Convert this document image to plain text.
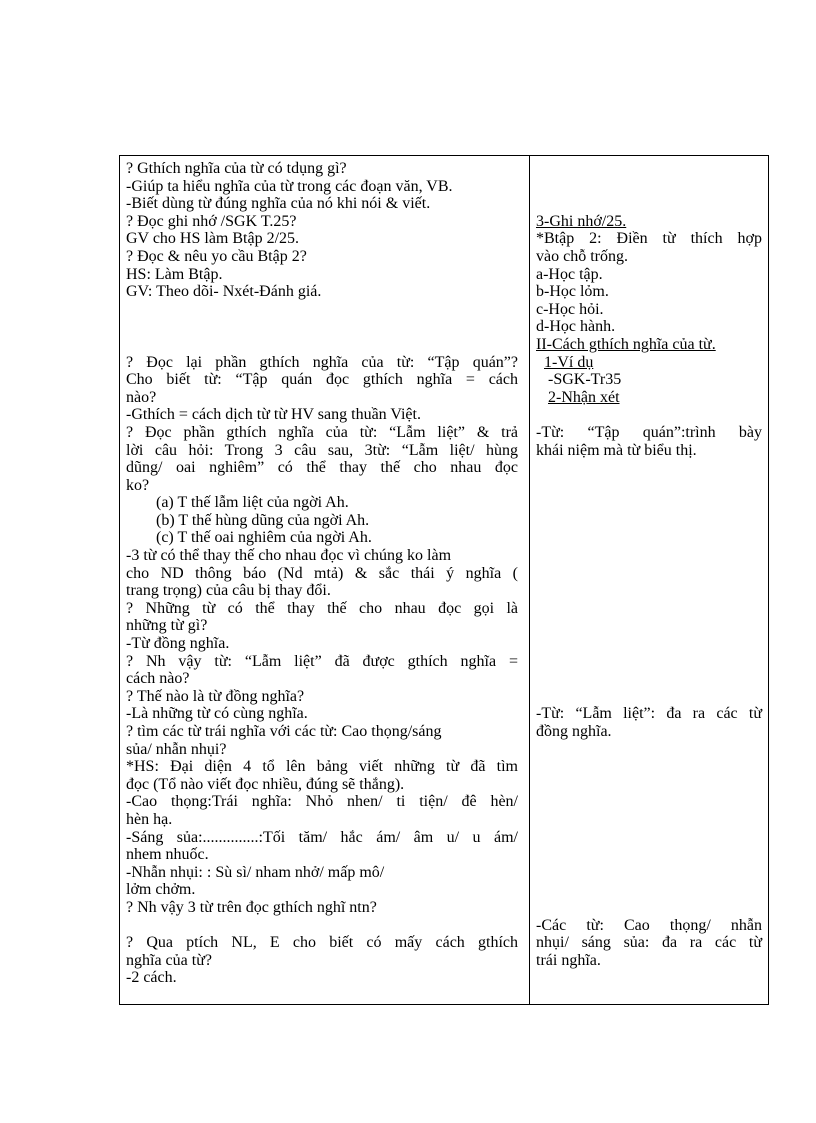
? Gthích nghĩa của từ có tdụng gì?
-Giúp ta hiểu nghĩa của từ trong các đoạn văn, VB.
-Biết dùng từ đúng nghĩa của nó khi nói & viết.
? Đọc ghi nhớ /SGK T.25?
GV cho HS làm Btập 2/25.
? Đọc & nêu yo cầu Btập 2?
HS: Làm Btập.
GV: Theo dõi- Nxét-Đánh giá.
? Đọc lại phần gthích nghĩa của từ: “Tập quán”?
Cho biết từ: “Tập quán đọc gthích nghĩa = cách
nào?
-Gthích = cách dịch từ từ HV sang thuần Việt.
? Đọc phần gthích nghĩa của từ: “Lẫm liệt” & trả
lời câu hỏi: Trong 3 câu sau, 3từ: “Lẫm liệt/ hùng
dũng/ oai nghiêm” có thể thay thế cho nhau đọc
ko?
(a) T thế lẫm liệt của ngời Ah.
(b) T thế hùng dũng của ngời Ah.
(c) T thế oai nghiêm của ngời Ah.
-3 từ có thể thay thế cho nhau đọc vì chúng ko làm
cho ND thông báo (Nd mtả) & sắc thái ý nghĩa (
trang trọng) của câu bị thay đổi.
? Những từ có thể thay thế cho nhau đọc gọi là
những từ gì?
-Từ đồng nghĩa.
? Nh vậy từ: “Lẫm liệt” đã được gthích nghĩa =
cách nào?
? Thế nào là từ đồng nghĩa?
-Là những từ có cùng nghĩa.
? tìm các từ trái nghĩa với các từ: Cao thọng/sáng
sủa/ nhẫn nhụi?
*HS: Đại diện 4 tổ lên bảng viết những từ đã tìm
đọc (Tổ nào viết đọc nhiều, đúng sẽ thắng).
-Cao thọng:Trái nghĩa: Nhỏ nhen/ ti tiện/ đê hèn/
hèn hạ.
-Sáng sủa:..............:Tối tăm/ hắc ám/ âm u/ u ám/
nhem nhuốc.
-Nhẫn nhụi: : Sù sì/ nham nhở/ mấp mô/
lởm chởm.
? Nh vậy 3 từ trên đọc gthích nghĩ ntn?
? Qua ptích NL, E cho biết có mấy cách gthích
nghĩa của từ?
-2 cách.
3-Ghi nhớ/25.
*Btập 2: Điền từ thích hợp
vào chỗ trống.
a-Học tập.
b-Học lỏm.
c-Học hỏi.
d-Học hành.
II-Cách gthích nghĩa của từ.
1-Ví dụ
-SGK-Tr35
2-Nhận xét
-Từ: “Tập quán”:trình bày
khái niệm mà từ biểu thị.
-Từ: “Lẫm liệt”: đa ra các từ
đồng nghĩa.
-Các từ: Cao thọng/ nhẫn
nhụi/ sáng sủa: đa ra các từ
trái nghĩa.
